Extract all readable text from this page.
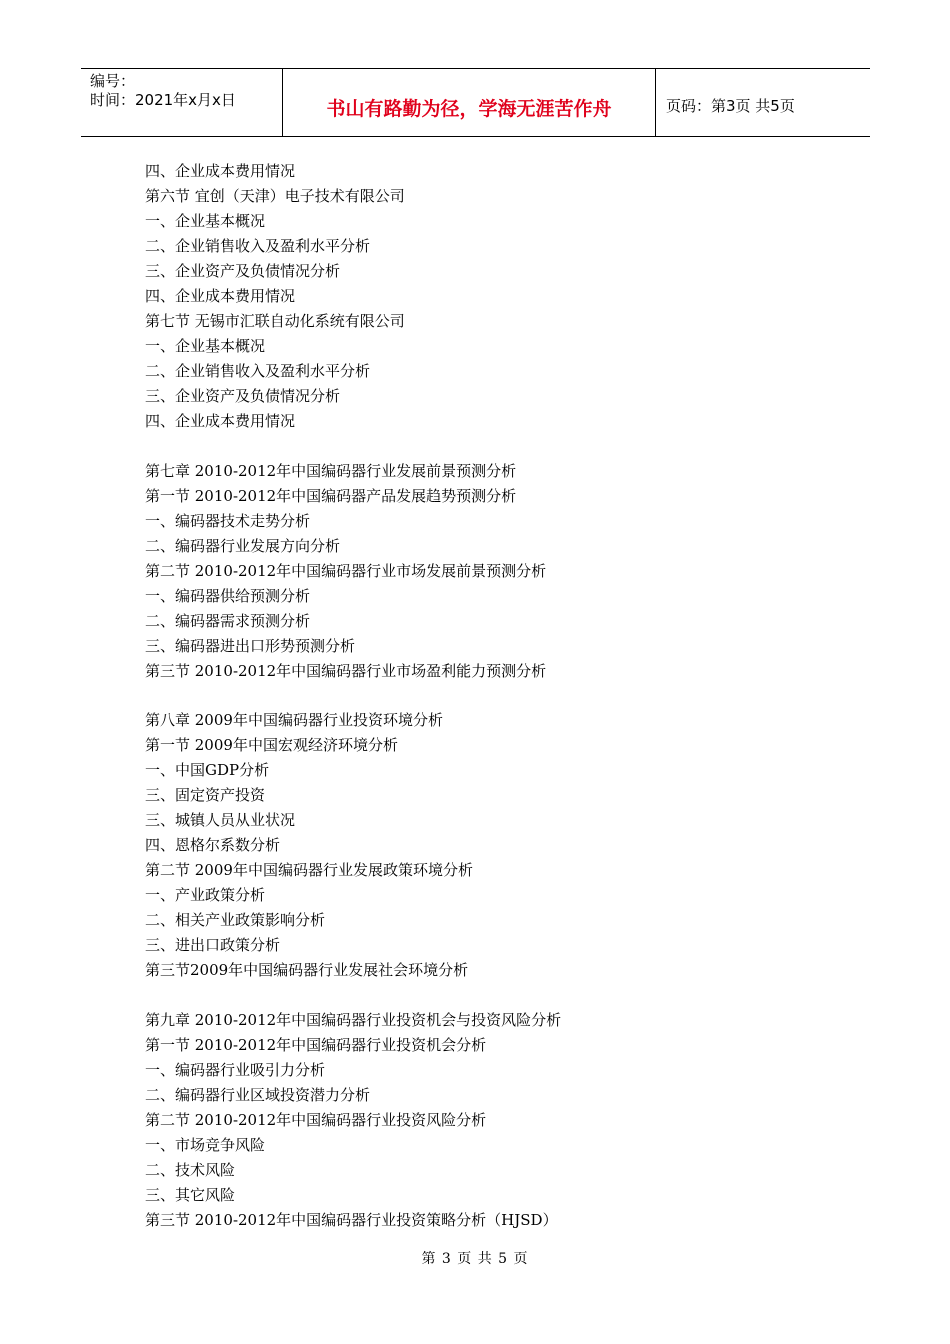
编号：
时间：2021年x月x日	书山有路勤为径，学海无涯苦作舟	页码：第3页 共5页
四、企业成本费用情况
第六节 宜创（天津）电子技术有限公司
一、企业基本概况
二、企业销售收入及盈利水平分析
三、企业资产及负债情况分析
四、企业成本费用情况
第七节 无锡市汇联自动化系统有限公司
一、企业基本概况
二、企业销售收入及盈利水平分析
三、企业资产及负债情况分析
四、企业成本费用情况
第七章 2010-2012年中国编码器行业发展前景预测分析
第一节 2010-2012年中国编码器产品发展趋势预测分析
一、编码器技术走势分析
二、编码器行业发展方向分析
第二节 2010-2012年中国编码器行业市场发展前景预测分析
一、编码器供给预测分析
二、编码器需求预测分析
三、编码器进出口形势预测分析
第三节 2010-2012年中国编码器行业市场盈利能力预测分析
第八章 2009年中国编码器行业投资环境分析
第一节 2009年中国宏观经济环境分析
一、中国GDP分析
三、固定资产投资
三、城镇人员从业状况
四、恩格尔系数分析
第二节 2009年中国编码器行业发展政策环境分析
一、产业政策分析
二、相关产业政策影响分析
三、进出口政策分析
第三节2009年中国编码器行业发展社会环境分析
第九章 2010-2012年中国编码器行业投资机会与投资风险分析
第一节 2010-2012年中国编码器行业投资机会分析
一、编码器行业吸引力分析
二、编码器行业区域投资潜力分析
第二节 2010-2012年中国编码器行业投资风险分析
一、市场竞争风险
二、技术风险
三、其它风险
第三节 2010-2012年中国编码器行业投资策略分析（HJSD）
第 3 页 共 5 页
